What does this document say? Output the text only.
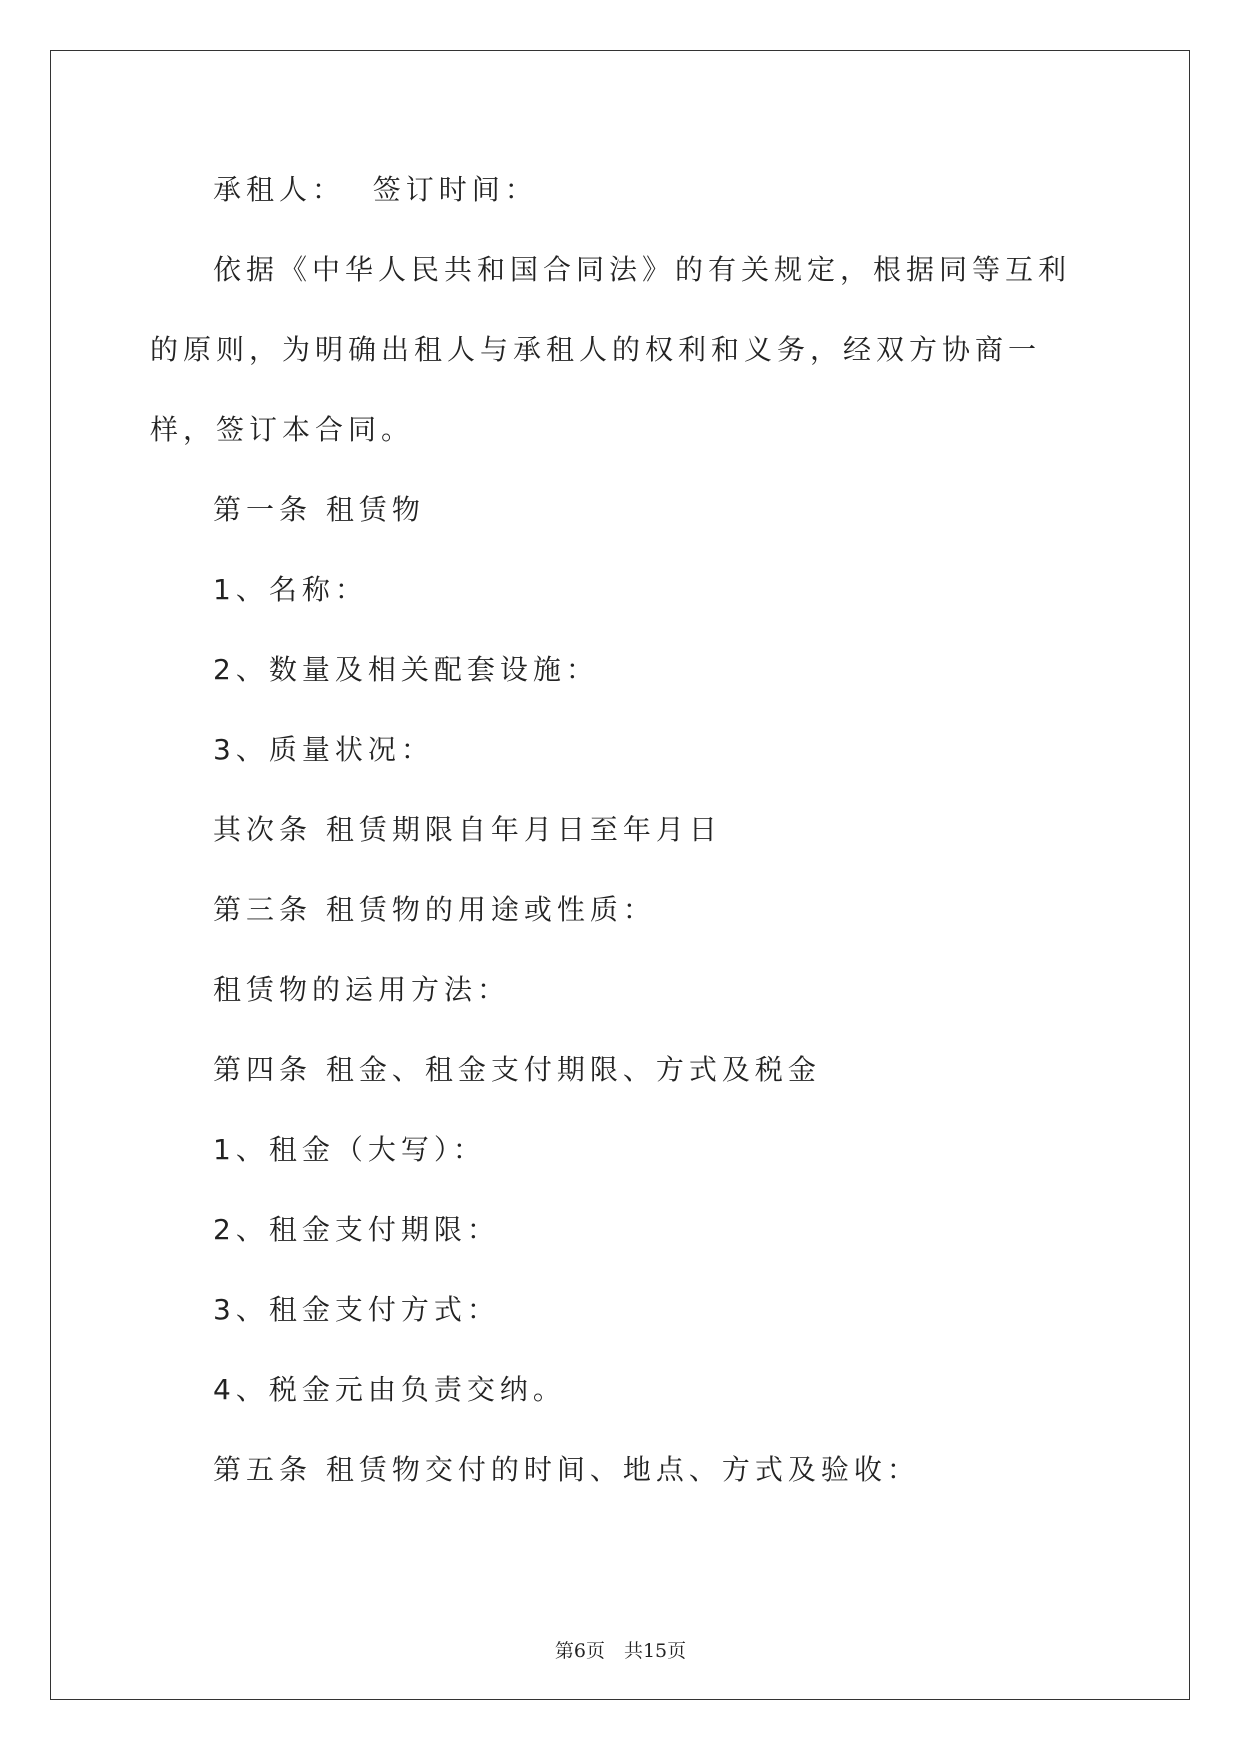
承租人：  签订时间：

依据《中华人民共和国合同法》的有关规定，根据同等互利的原则，为明确出租人与承租人的权利和义务，经双方协商一样，签订本合同。

第一条 租赁物

1、名称：

2、数量及相关配套设施：

3、质量状况：

其次条 租赁期限自年月日至年月日

第三条 租赁物的用途或性质：

租赁物的运用方法：

第四条 租金、租金支付期限、方式及税金

1、租金（大写）：

2、租金支付期限：

3、租金支付方式：

4、税金元由负责交纳。

第五条 租赁物交付的时间、地点、方式及验收：

第6页　共15页
